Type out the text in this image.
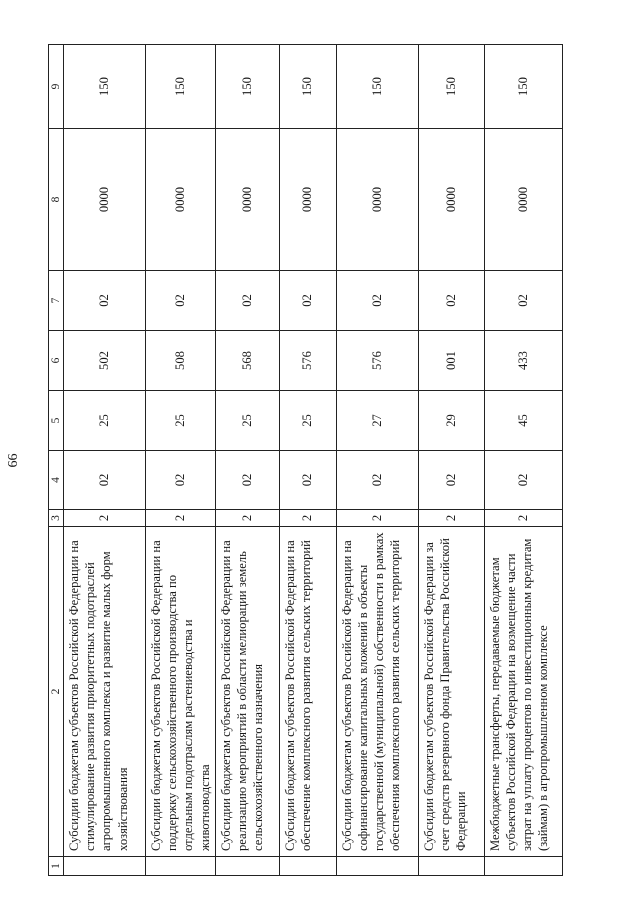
66
1	2	3	4	5	6	7	8	9
	Субсидии бюджетам субъектов Российской Федерации на стимулирование развития приоритетных подотраслей агропромышленного комплекса и развитие малых форм хозяйствования	2	02	25	502	02	0000	150
	Субсидии бюджетам субъектов Российской Федерации на поддержку сельскохозяйственного производства по отдельным подотраслям растениеводства и животноводства	2	02	25	508	02	0000	150
	Субсидии бюджетам субъектов Российской Федерации на реализацию мероприятий в области мелиорации земель сельскохозяйственного назначения	2	02	25	568	02	0000	150
	Субсидии бюджетам субъектов Российской Федерации на обеспечение комплексного развития сельских территорий	2	02	25	576	02	0000	150
	Субсидии бюджетам субъектов Российской Федерации на софинансирование капитальных вложений в объекты государственной (муниципальной) собственности в рамках обеспечения комплексного развития сельских территорий	2	02	27	576	02	0000	150
	Субсидии бюджетам субъектов Российской Федерации за счет средств резервного фонда Правительства Российской Федерации	2	02	29	001	02	0000	150
	Межбюджетные трансферты, передаваемые бюджетам субъектов Российской Федерации на возмещение части затрат на уплату процентов по инвестиционным кредитам (займам) в агропромышленном комплексе	2	02	45	433	02	0000	150
